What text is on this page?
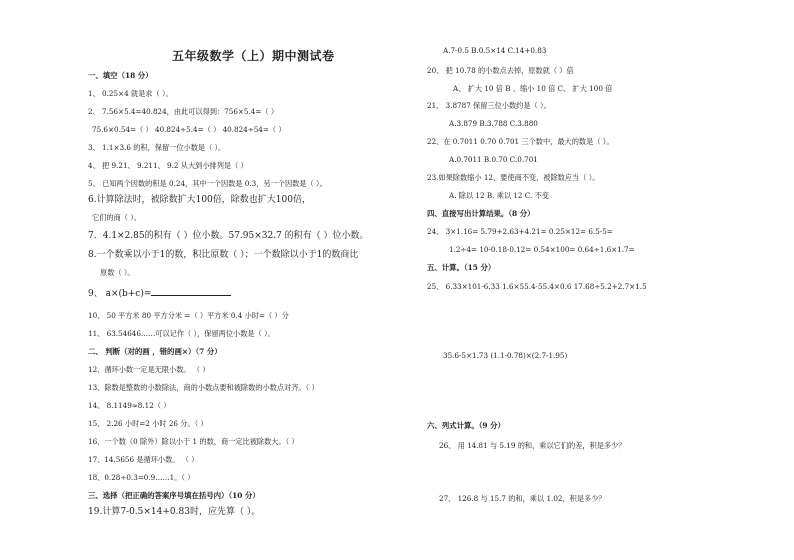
五年级数学（上）期中测试卷
一、填空（18 分）
1、 0.25×4 就是求（ ）。
2、 7.56×5.4=40.824，由此可以得到：756×5.4=（ ）
75.6×0.54=（ ） 40.824÷5.4=（ ） 40.824÷54=（ ）
3、 1.1×3.6 的积，保留一位小数是（ ）。
4、 把 9.21、 9.211、 9.2 从大到小排列是（ ）
5、 已知两个因数的积是 0.24，其中一个因数是 0.3，另一个因数是（ ）。
6.计算除法时，被除数扩大100倍，除数也扩大100倍，
它们的商（ ）。
7．4.1×2.85的积有（ ）位小数。57.95×32.7 的积有（ ）位小数。
8.一个数乘以小于1的数，积比原数（ ）；一个数除以小于1的数商比
原数（ ）。
9、 a×(b+c)=
10、 50 平方米 80 平方分米 =（ ）平方米 0.4 小时=（ ）分
11、 63.54646……可以记作（ ），保留两位小数是（ ）。
二、 判断（对的画 ，错的画×）（7 分）
12、循环小数一定是无限小数。 （ ）
13、除数是整数的小数除法，商的小数点要和被除数的小数点对齐。（ ）
14、 8.1149≈8.12（ ）
15、 2.26 小时=2 小时 26 分。（ ）
16、一个数（0 除外）除以小于 1 的数，商一定比被除数大。（ ）
17、14.5656 是循环小数。 （ ）
18、0.28÷0.3=0.9……1。（ ）
三、选择（把正确的答案序号填在括号内）（10 分）
19.计算7-0.5×14+0.83时，应先算（ ）。
A.7-0.5 B.0.5×14 C.14+0.83
20、 把 10.78 的小数点去掉，原数就（ ）倍
A、 扩大 10 倍 B 、缩小 10 倍 C、 扩大 100 倍
21、 3.8787 保留三位小数约是（ ）。
A.3.879 B.3.788 C.3.880
22、在 0.7011 0.70 0.701 三个数中，最大的数是（ ）。
A.0.7011 B.0.70 C.0.701
23.如果除数缩小 12，要使商不变，被除数应当（ ）。
A. 除以 12 B. 乘以 12 C. 不变
四、直接写出计算结果。（8 分）
24、 3×1.16= 5.79+2.63+4.21= 0.25×12= 6.5-5=
1.2÷4= 10-0.18-0.12= 0.54×100= 0.64÷1.6×1.7=
五、计算。（15 分）
25、 6.33×101-6.33 1.6×55.4-55.4×0.6 17.68÷5.2+2.7×1.5
35.6-5×1.73 (1.1-0.78)×(2.7-1.95)
六、列式计算。（9 分）
26、 用 14.81 与 5.19 的和，乘以它们的差，积是多少？
27、 126.8 与 15.7 的和，乘以 1.02，积是多少？
